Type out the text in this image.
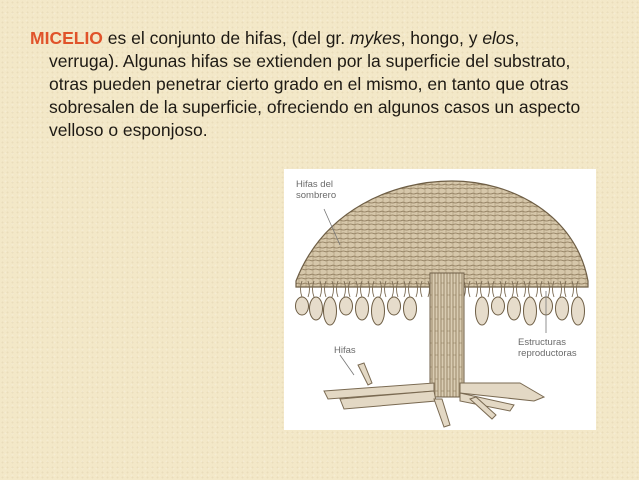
MICELIO es el conjunto de hifas, (del gr. mykes, hongo, y elos,
verruga). Algunas hifas se extienden por la superficie del substrato,
otras pueden penetrar cierto grado en el mismo, en tanto que otras
sobresalen de la superficie, ofreciendo en algunos casos un aspecto
velloso o esponjoso.
Hifas del
sombrero
Hifas
Estructuras
reproductoras
